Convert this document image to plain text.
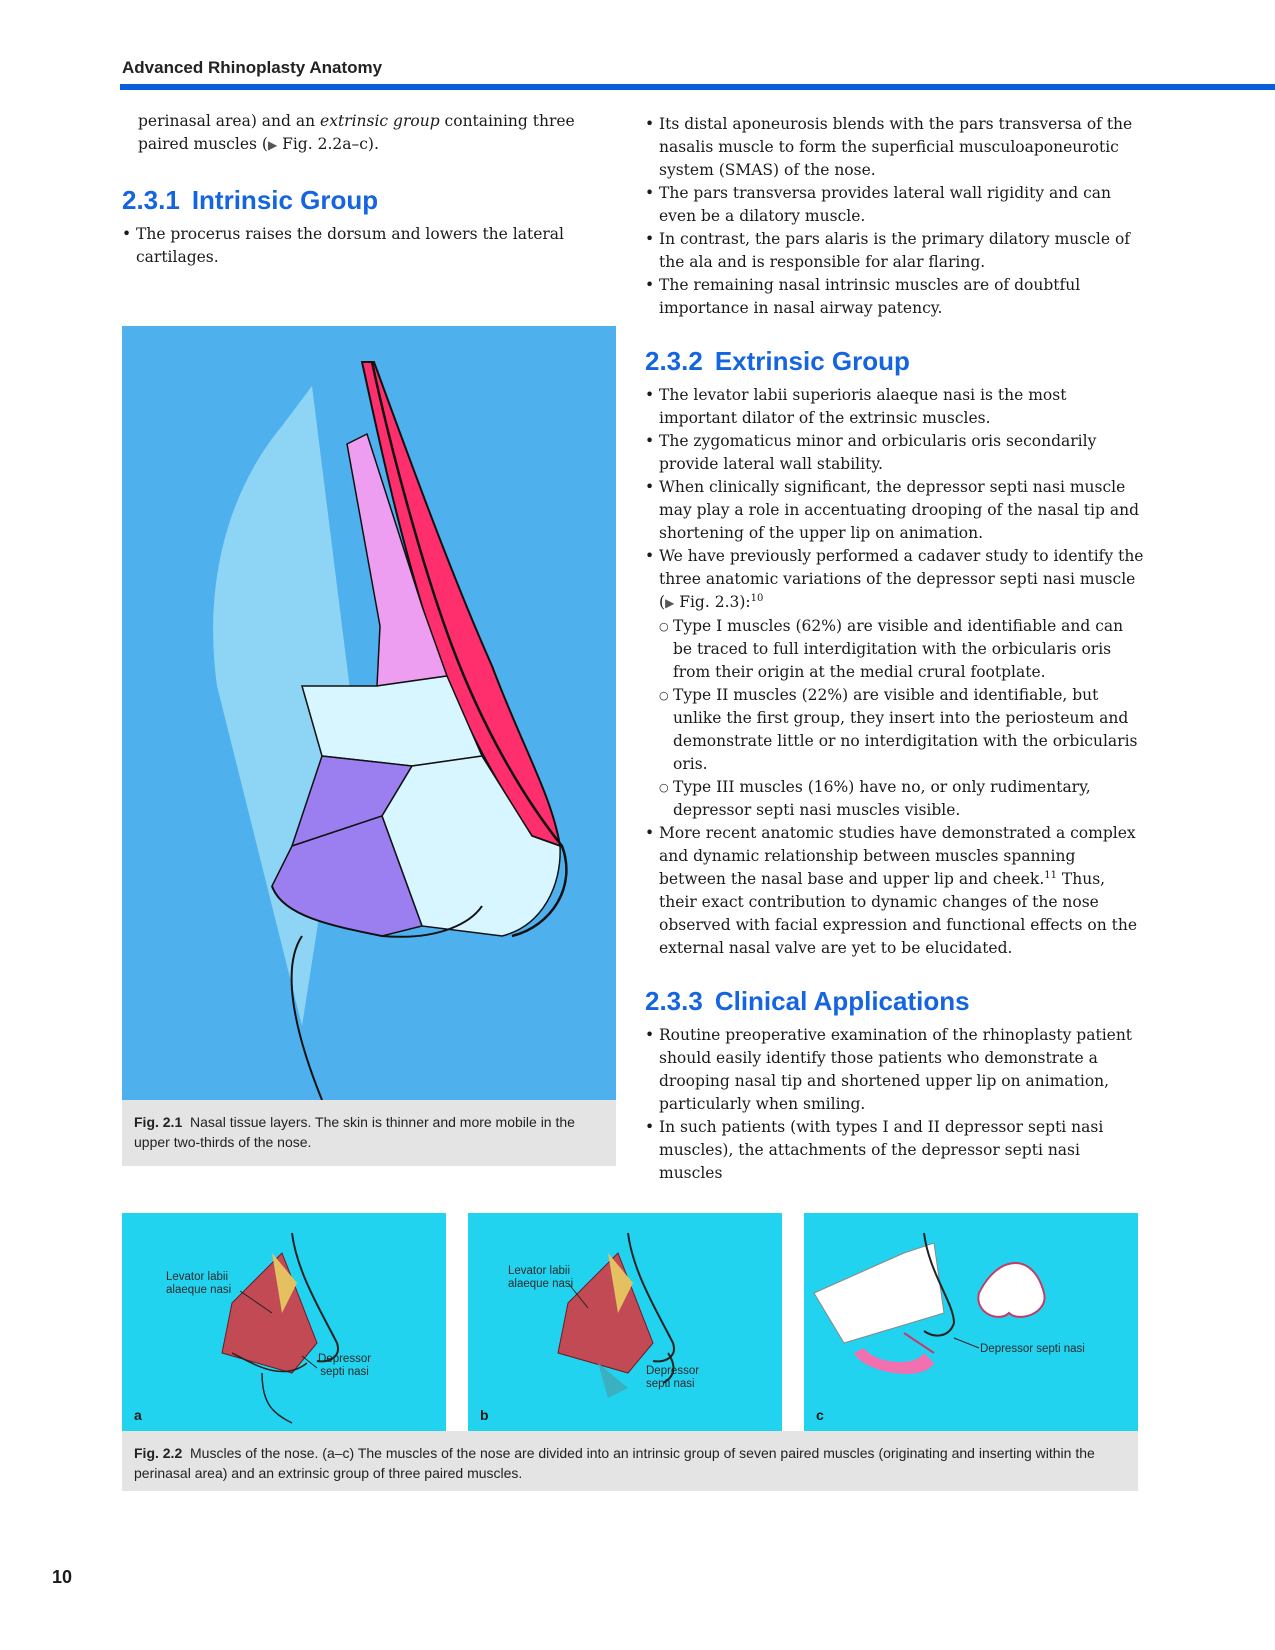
Advanced Rhinoplasty Anatomy

perinasal area) and an extrinsic group containing three paired muscles (▶ Fig. 2.2a–c).

2.3.1 Intrinsic Group
• The procerus raises the dorsum and lowers the lateral cartilages.
Fig. 2.1 Nasal tissue layers. The skin is thinner and more mobile in the upper two-thirds of the nose.
• Its distal aponeurosis blends with the pars transversa of the nasalis muscle to form the superficial musculoaponeurotic system (SMAS) of the nose.
• The pars transversa provides lateral wall rigidity and can even be a dilatory muscle.
• In contrast, the pars alaris is the primary dilatory muscle of the ala and is responsible for alar flaring.
• The remaining nasal intrinsic muscles are of doubtful importance in nasal airway patency.
2.3.2 Extrinsic Group
• The levator labii superioris alaeque nasi is the most important dilator of the extrinsic muscles.
• The zygomaticus minor and orbicularis oris secondarily provide lateral wall stability.
• When clinically significant, the depressor septi nasi muscle may play a role in accentuating drooping of the nasal tip and shortening of the upper lip on animation.
• We have previously performed a cadaver study to identify the three anatomic variations of the depressor septi nasi muscle (▶ Fig. 2.3):$^{10}$
○ Type I muscles (62%) are visible and identifiable and can be traced to full interdigitation with the orbicularis oris from their origin at the medial crural footplate.
○ Type II muscles (22%) are visible and identifiable, but unlike the first group, they insert into the periosteum and demonstrate little or no interdigitation with the orbicularis oris.
○ Type III muscles (16%) have no, or only rudimentary, depressor septi nasi muscles visible.
• More recent anatomic studies have demonstrated a complex and dynamic relationship between muscles spanning between the nasal base and upper lip and cheek.$^{11}$ Thus, their exact contribution to dynamic changes of the nose observed with facial expression and functional effects on the external nasal valve are yet to be elucidated.
2.3.3 Clinical Applications
• Routine preoperative examination of the rhinoplasty patient should easily identify those patients who demonstrate a drooping nasal tip and shortened upper lip on animation, particularly when smiling.
• In such patients (with types I and II depressor septi nasi muscles), the attachments of the depressor septi nasi muscles
Levator labii
alaeque nasi
Depressor
septi nasi
a
Levator labii
alaeque nasi
Depressor
septi nasi
b
Depressor septi nasi
c
Fig. 2.2 Muscles of the nose. (a–c) The muscles of the nose are divided into an intrinsic group of seven paired muscles (originating and inserting within the perinasal area) and an extrinsic group of three paired muscles.
10
